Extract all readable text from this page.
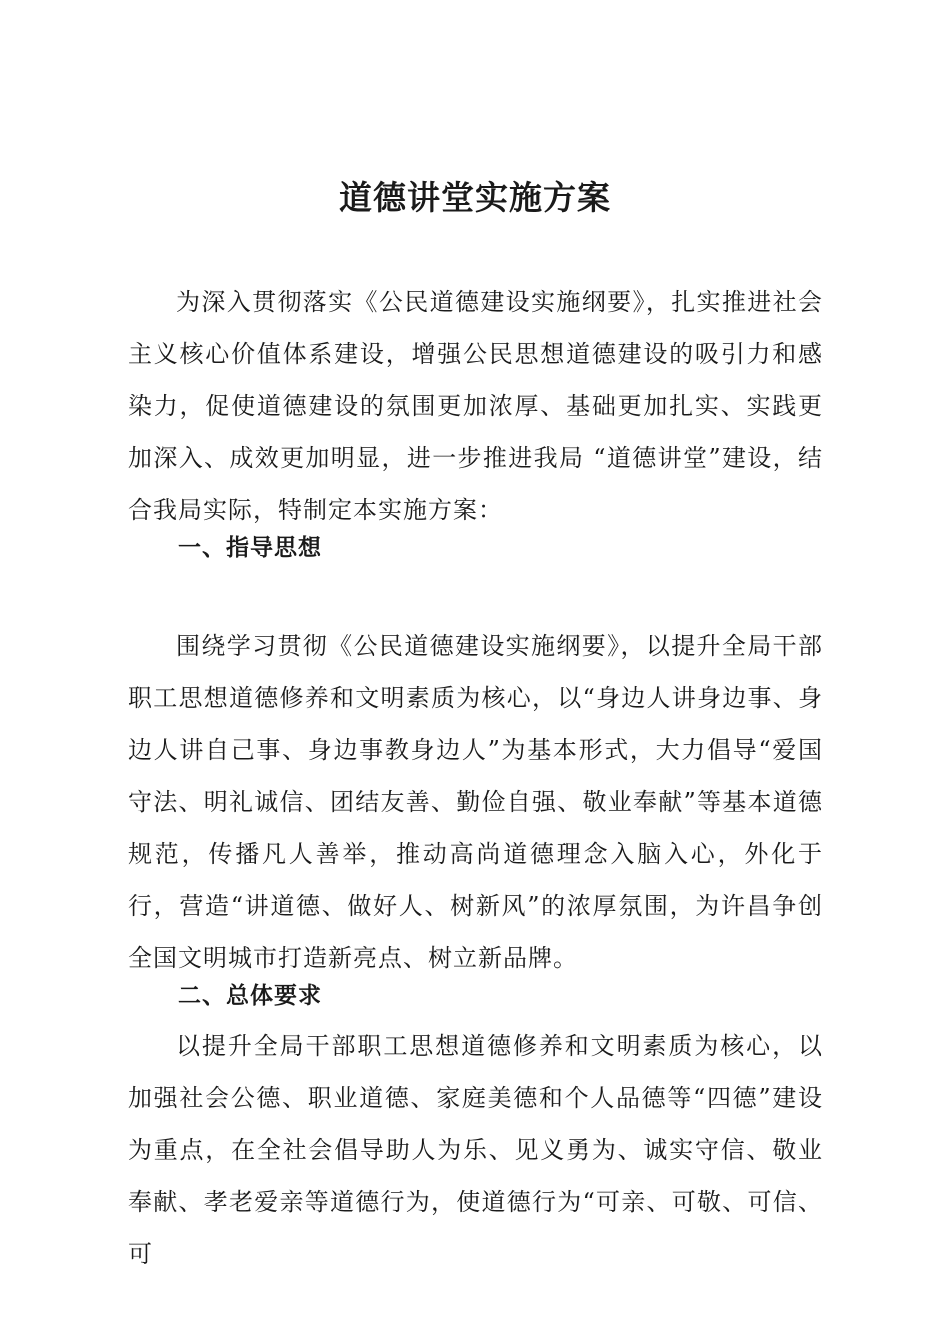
道德讲堂实施方案
为深入贯彻落实《公民道德建设实施纲要》，扎实推进社会主义核心价值体系建设，增强公民思想道德建设的吸引力和感染力，促使道德建设的氛围更加浓厚、基础更加扎实、实践更加深入、成效更加明显，进一步推进我局 “道德讲堂”建设，结合我局实际，特制定本实施方案：
一、指导思想
围绕学习贯彻《公民道德建设实施纲要》，以提升全局干部职工思想道德修养和文明素质为核心，以“身边人讲身边事、身边人讲自己事、身边事教身边人”为基本形式，大力倡导“爱国守法、明礼诚信、团结友善、勤俭自强、敬业奉献”等基本道德规范，传播凡人善举，推动高尚道德理念入脑入心，外化于行，营造“讲道德、做好人、树新风”的浓厚氛围，为许昌争创全国文明城市打造新亮点、树立新品牌。
二、总体要求
以提升全局干部职工思想道德修养和文明素质为核心，以加强社会公德、职业道德、家庭美德和个人品德等“四德”建设为重点，在全社会倡导助人为乐、见义勇为、诚实守信、敬业奉献、孝老爱亲等道德行为，使道德行为“可亲、可敬、可信、可
